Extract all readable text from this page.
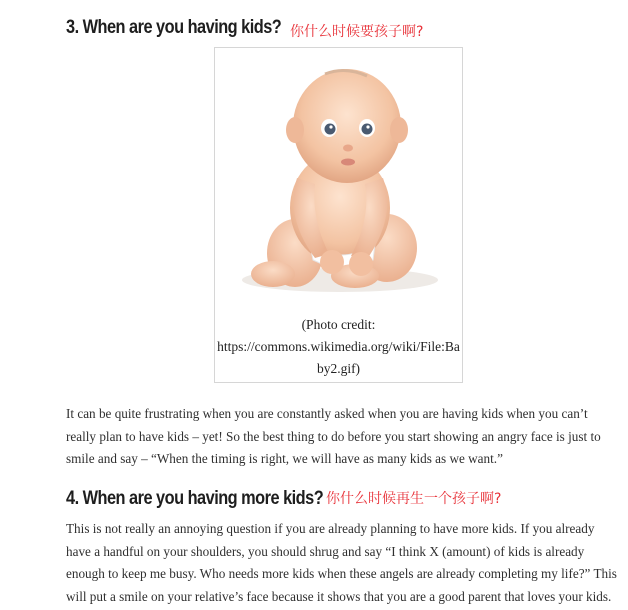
3. When are you having kids? 你什么时候要孩子啊?
(Photo credit:
https://commons.wikimedia.org/wiki/File:Ba
by2.gif)

It can be quite frustrating when you are constantly asked when you are having kids when you can’t
really plan to have kids – yet! So the best thing to do before you start showing an angry face is just to
smile and say – “When the timing is right, we will have as many kids as we want.”

4. When are you having more kids? 你什么时候再生一个孩子啊?

This is not really an annoying question if you are already planning to have more kids. If you already
have a handful on your shoulders, you should shrug and say “I think X (amount) of kids is already
enough to keep me busy. Who needs more kids when these angels are already completing my life?” This
will put a smile on your relative’s face because it shows that you are a good parent that loves your kids.
